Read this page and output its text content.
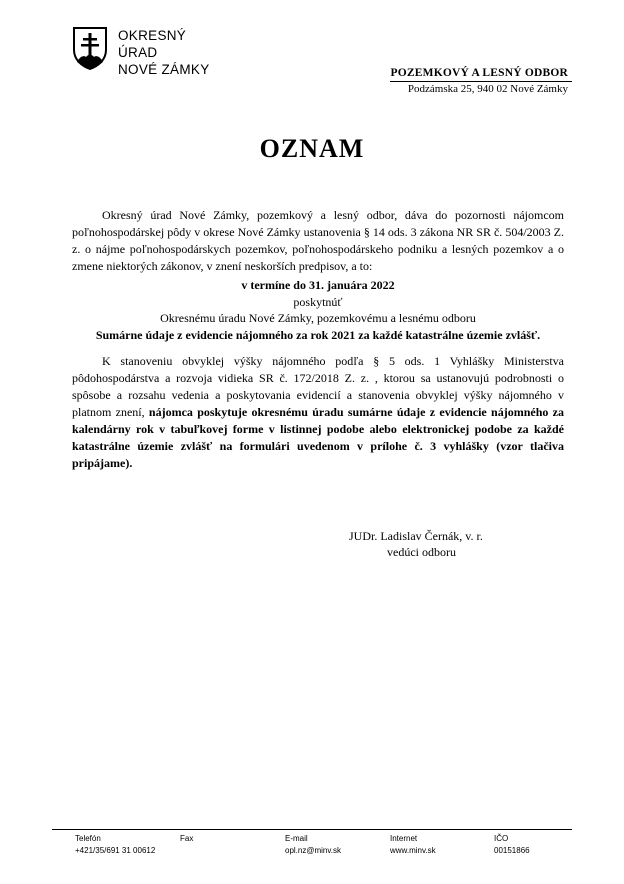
OKRESNÝ
ÚRAD
NOVÉ ZÁMKY	POZEMKOVÝ A LESNÝ ODBOR
Podzámska 25, 940 02 Nové Zámky
OZNAM
Okresný úrad Nové Zámky, pozemkový a lesný odbor, dáva do pozornosti nájomcom poľnohospodárskej pôdy v okrese Nové Zámky ustanovenia § 14 ods. 3 zákona NR SR č. 504/2003 Z. z. o nájme poľnohospodárskych pozemkov, poľnohospodárskeho podniku a lesných pozemkov a o zmene niektorých zákonov, v znení neskorších predpisov, a to:
v termíne do 31. januára 2022
poskytnúť
Okresnému úradu Nové Zámky, pozemkovému a lesnému odboru
Sumárne údaje z evidencie nájomného za rok 2021 za každé katastrálne územie zvlášť.
K stanoveniu obvyklej výšky nájomného podľa § 5 ods. 1 Vyhlášky Ministerstva pôdohospodárstva a rozvoja vidieka SR č. 172/2018 Z. z. , ktorou sa ustanovujú podrobnosti o spôsobe a rozsahu vedenia a poskytovania evidencií a stanovenia obvyklej výšky nájomného v platnom znení, nájomca poskytuje okresnému úradu sumárne údaje z evidencie nájomného za kalendárny rok v tabuľkovej forme v listinnej podobe alebo elektronickej podobe za každé katastrálne územie zvlášť na formulári uvedenom v prílohe č. 3 vyhlášky (vzor tlačiva pripájame).
JUDr. Ladislav Černák, v. r.
vedúci odboru
Telefón
+421/35/691 31 00612
Fax	E-mail
opl.nz@minv.sk
Internet
www.minv.sk
IČO
00151866
